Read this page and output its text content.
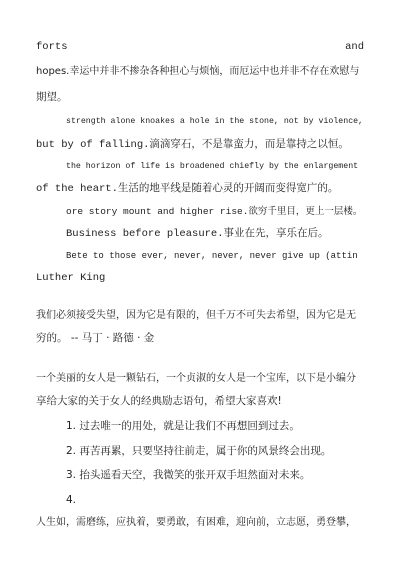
forts	and
hopes.幸运中并非不掺杂各种担心与烦恼，而厄运中也并非不存在欢慰与
期望。
strength alone knoakes a hole in the stone, not by violence,
but by of falling.滴滴穿石，不是靠蛮力，而是靠持之以恒。
the horizon of life is broadened chiefly by the enlargement
of the heart.生活的地平线是随着心灵的开阔而变得宽广的。
ore story mount and higher rise.欲穷千里目，更上一层楼。
Business before pleasure.事业在先，享乐在后。
Bete to those ever, never, never, never give up (attin
Luther King
我们必须接受失望，因为它是有限的，但千万不可失去希望，因为它是无
穷的。 -- 马丁 · 路德 · 金
一个美丽的女人是一颗钻石，一个贞淑的女人是一个宝库，以下是小编分
享给大家的关于女人的经典励志语句，希望大家喜欢!
1. 过去唯一的用处，就是让我们不再想回到过去。
2. 再苦再累，只要坚持往前走，属于你的风景终会出现。
3. 抬头遥看天空，我微笑的张开双手坦然面对未来。
4.
人生如，需磨练，应执着，要勇敢，有困难，迎向前，立志愿，勇登攀，
